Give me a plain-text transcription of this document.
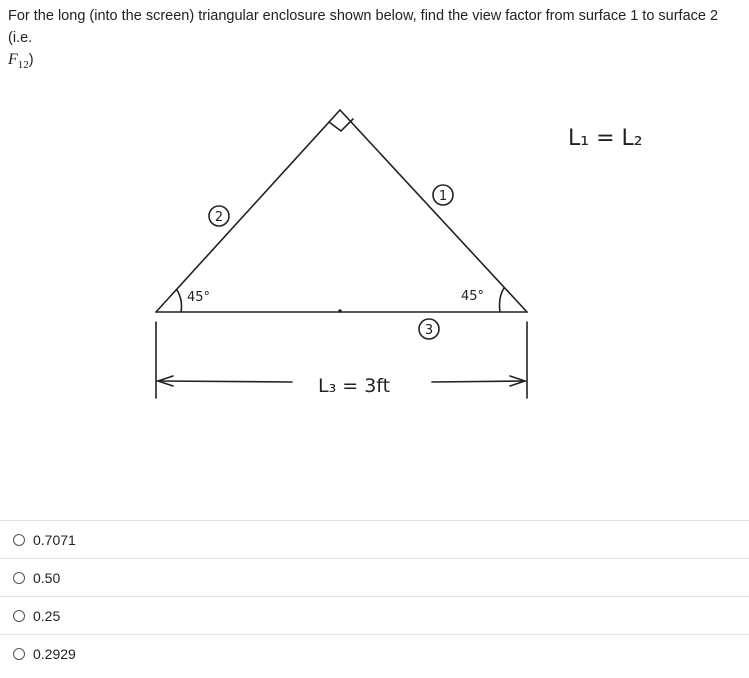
For the long (into the screen) triangular enclosure shown below, find the view factor from surface 1 to surface 2 (i.e.
$F_{12}$)
1
2
3
45°	45°
L₁ = L₂
L₃ = 3ft
0.7071
0.50
0.25
0.2929
